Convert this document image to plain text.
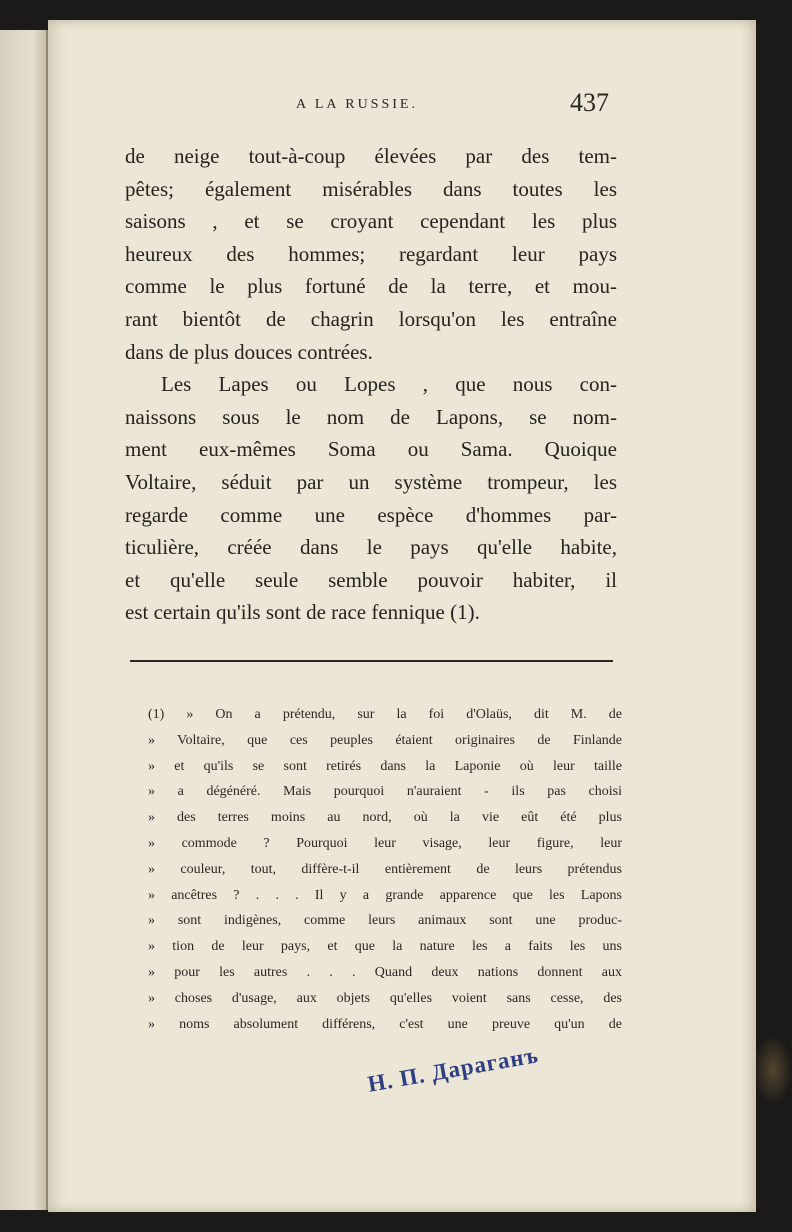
A LA RUSSIE.	437
de neige tout-à-coup élevées par des tem-
pêtes; également misérables dans toutes les
saisons , et se croyant cependant les plus
heureux des hommes; regardant leur pays
comme le plus fortuné de la terre, et mou-
rant bientôt de chagrin lorsqu'on les entraîne
dans de plus douces contrées.
Les Lapes ou Lopes , que nous con-
naissons sous le nom de Lapons, se nom-
ment eux-mêmes Soma ou Sama. Quoique
Voltaire, séduit par un système trompeur, les
regarde comme une espèce d'hommes par-
ticulière, créée dans le pays qu'elle habite,
et qu'elle seule semble pouvoir habiter, il
est certain qu'ils sont de race fennique (1).
(1) » On a prétendu, sur la foi d'Olaüs, dit M. de
» Voltaire, que ces peuples étaient originaires de Finlande
» et qu'ils se sont retirés dans la Laponie où leur taille
» a dégénéré. Mais pourquoi n'auraient - ils pas choisi
» des terres moins au nord, où la vie eût été plus
» commode ? Pourquoi leur visage, leur figure, leur
» couleur, tout, diffère-t-il entièrement de leurs prétendus
» ancêtres ? . . . Il y a grande apparence que les Lapons
» sont indigènes, comme leurs animaux sont une produc-
» tion de leur pays, et que la nature les a faits les uns
» pour les autres . . . Quand deux nations donnent aux
» choses d'usage, aux objets qu'elles voient sans cesse, des
» noms absolument différens, c'est une preuve qu'un de
Н. П. Дараганъ
